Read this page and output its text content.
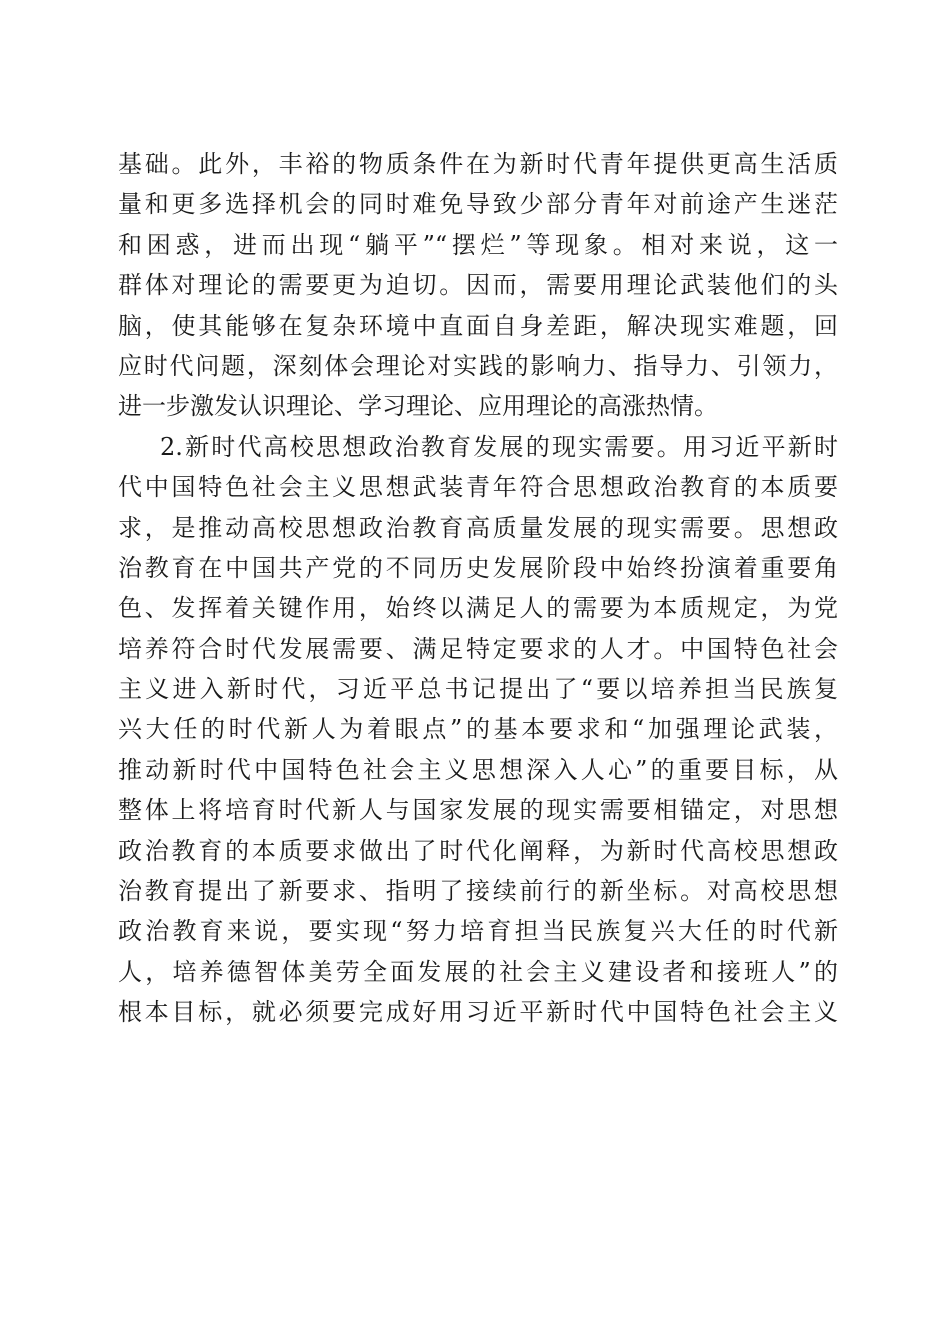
基础。此外，丰裕的物质条件在为新时代青年提供更高生活质
量和更多选择机会的同时难免导致少部分青年对前途产生迷茫
和困惑，进而出现“躺平”“摆烂”等现象。相对来说，这一
群体对理论的需要更为迫切。因而，需要用理论武装他们的头
脑，使其能够在复杂环境中直面自身差距，解决现实难题，回
应时代问题，深刻体会理论对实践的影响力、指导力、引领力，
进一步激发认识理论、学习理论、应用理论的高涨热情。
2.新时代高校思想政治教育发展的现实需要。用习近平新时
代中国特色社会主义思想武装青年符合思想政治教育的本质要
求，是推动高校思想政治教育高质量发展的现实需要。思想政
治教育在中国共产党的不同历史发展阶段中始终扮演着重要角
色、发挥着关键作用，始终以满足人的需要为本质规定，为党
培养符合时代发展需要、满足特定要求的人才。中国特色社会
主义进入新时代，习近平总书记提出了“要以培养担当民族复
兴大任的时代新人为着眼点”的基本要求和“加强理论武装，
推动新时代中国特色社会主义思想深入人心”的重要目标，从
整体上将培育时代新人与国家发展的现实需要相锚定，对思想
政治教育的本质要求做出了时代化阐释，为新时代高校思想政
治教育提出了新要求、指明了接续前行的新坐标。对高校思想
政治教育来说，要实现“努力培育担当民族复兴大任的时代新
人，培养德智体美劳全面发展的社会主义建设者和接班人”的
根本目标，就必须要完成好用习近平新时代中国特色社会主义
